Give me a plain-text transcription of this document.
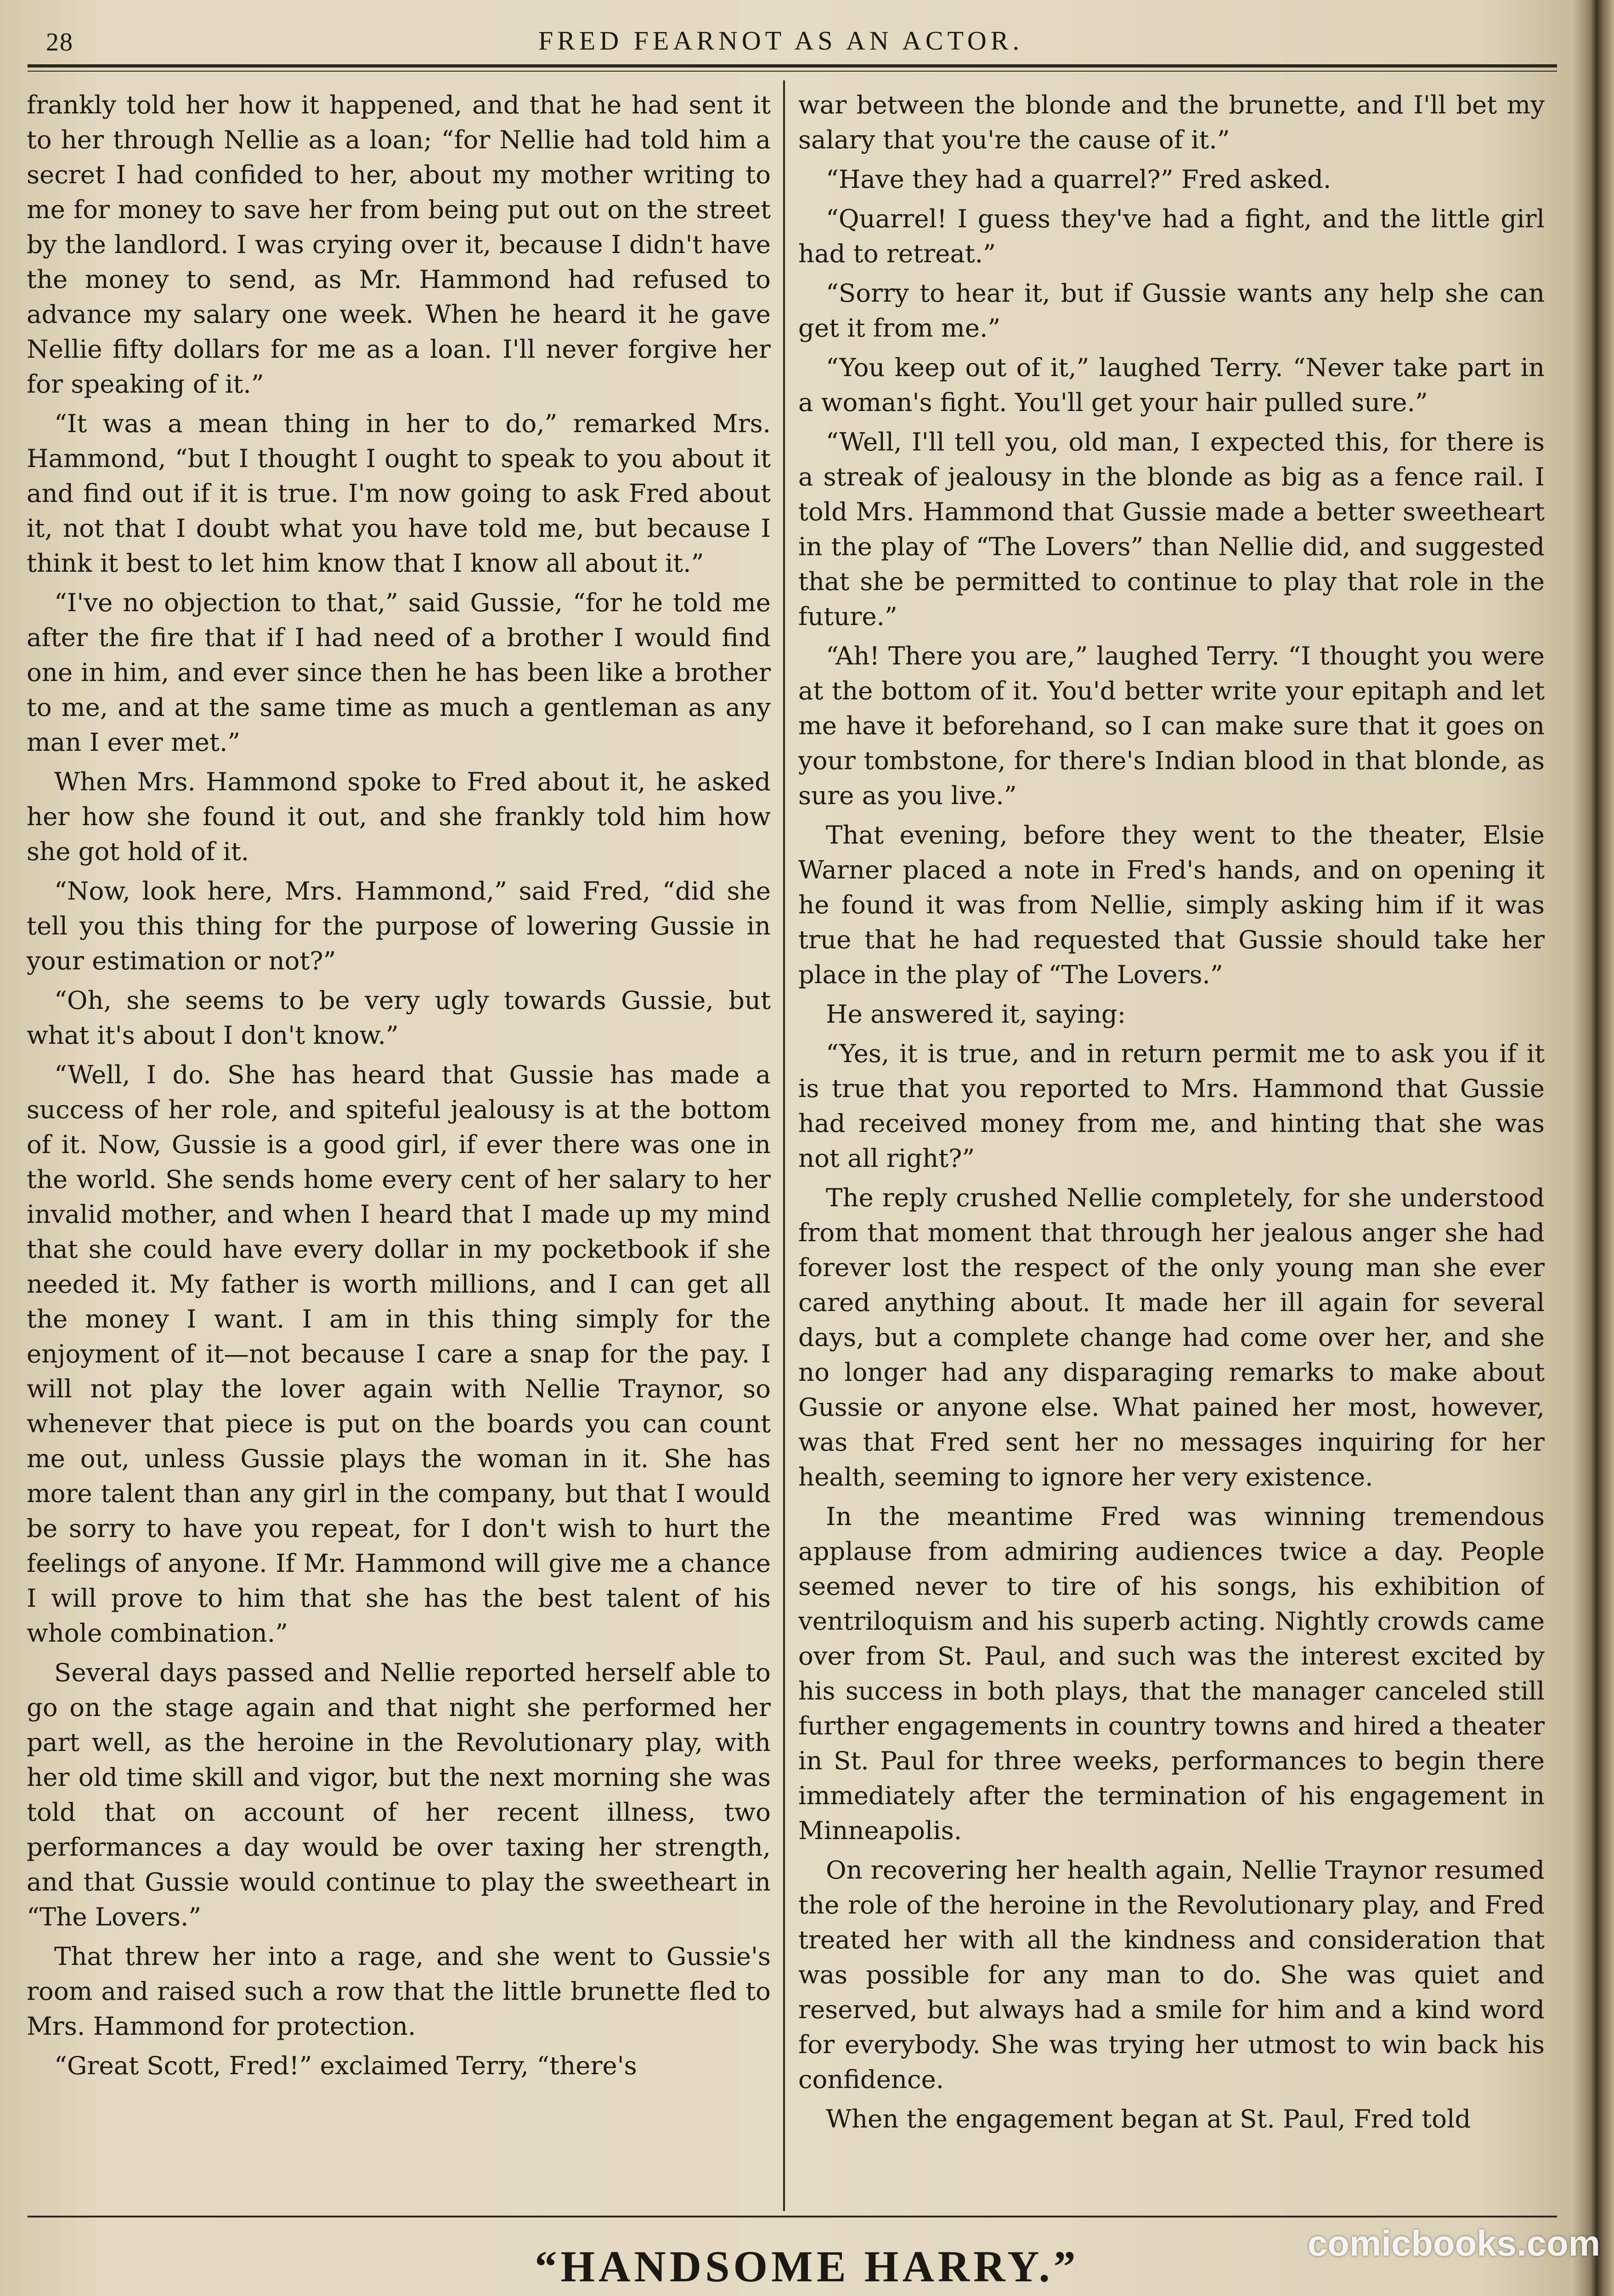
28	FRED FEARNOT AS AN ACTOR.

frankly told her how it happened, and that he had sent it to her through Nellie as a loan; “for Nellie had told him a secret I had confided to her, about my mother writing to me for money to save her from being put out on the street by the landlord. I was crying over it, because I didn't have the money to send, as Mr. Hammond had refused to advance my salary one week. When he heard it he gave Nellie fifty dollars for me as a loan. I'll never forgive her for speaking of it.”

“It was a mean thing in her to do,” remarked Mrs. Hammond, “but I thought I ought to speak to you about it and find out if it is true. I'm now going to ask Fred about it, not that I doubt what you have told me, but because I think it best to let him know that I know all about it.”

“I've no objection to that,” said Gussie, “for he told me after the fire that if I had need of a brother I would find one in him, and ever since then he has been like a brother to me, and at the same time as much a gentleman as any man I ever met.”

When Mrs. Hammond spoke to Fred about it, he asked her how she found it out, and she frankly told him how she got hold of it.

“Now, look here, Mrs. Hammond,” said Fred, “did she tell you this thing for the purpose of lowering Gussie in your estimation or not?”

“Oh, she seems to be very ugly towards Gussie, but what it's about I don't know.”

“Well, I do. She has heard that Gussie has made a success of her role, and spiteful jealousy is at the bottom of it. Now, Gussie is a good girl, if ever there was one in the world. She sends home every cent of her salary to her invalid mother, and when I heard that I made up my mind that she could have every dollar in my pocketbook if she needed it. My father is worth millions, and I can get all the money I want. I am in this thing simply for the enjoyment of it—not because I care a snap for the pay. I will not play the lover again with Nellie Traynor, so whenever that piece is put on the boards you can count me out, unless Gussie plays the woman in it. She has more talent than any girl in the company, but that I would be sorry to have you repeat, for I don't wish to hurt the feelings of anyone. If Mr. Hammond will give me a chance I will prove to him that she has the best talent of his whole combination.”

Several days passed and Nellie reported herself able to go on the stage again and that night she performed her part well, as the heroine in the Revolutionary play, with her old time skill and vigor, but the next morning she was told that on account of her recent illness, two performances a day would be over taxing her strength, and that Gussie would continue to play the sweetheart in “The Lovers.”

That threw her into a rage, and she went to Gussie's room and raised such a row that the little brunette fled to Mrs. Hammond for protection.

“Great Scott, Fred!” exclaimed Terry, “there's

war between the blonde and the brunette, and I'll bet my salary that you're the cause of it.”

“Have they had a quarrel?” Fred asked.

“Quarrel! I guess they've had a fight, and the little girl had to retreat.”

“Sorry to hear it, but if Gussie wants any help she can get it from me.”

“You keep out of it,” laughed Terry. “Never take part in a woman's fight. You'll get your hair pulled sure.”

“Well, I'll tell you, old man, I expected this, for there is a streak of jealousy in the blonde as big as a fence rail. I told Mrs. Hammond that Gussie made a better sweetheart in the play of “The Lovers” than Nellie did, and suggested that she be permitted to continue to play that role in the future.”

“Ah! There you are,” laughed Terry. “I thought you were at the bottom of it. You'd better write your epitaph and let me have it beforehand, so I can make sure that it goes on your tombstone, for there's Indian blood in that blonde, as sure as you live.”

That evening, before they went to the theater, Elsie Warner placed a note in Fred's hands, and on opening it he found it was from Nellie, simply asking him if it was true that he had requested that Gussie should take her place in the play of “The Lovers.”

He answered it, saying:

“Yes, it is true, and in return permit me to ask you if it is true that you reported to Mrs. Hammond that Gussie had received money from me, and hinting that she was not all right?”

The reply crushed Nellie completely, for she understood from that moment that through her jealous anger she had forever lost the respect of the only young man she ever cared anything about. It made her ill again for several days, but a complete change had come over her, and she no longer had any disparaging remarks to make about Gussie or anyone else. What pained her most, however, was that Fred sent her no messages inquiring for her health, seeming to ignore her very existence.

In the meantime Fred was winning tremendous applause from admiring audiences twice a day. People seemed never to tire of his songs, his exhibition of ventriloquism and his superb acting. Nightly crowds came over from St. Paul, and such was the interest excited by his success in both plays, that the manager canceled still further engagements in country towns and hired a theater in St. Paul for three weeks, performances to begin there immediately after the termination of his engagement in Minneapolis.

On recovering her health again, Nellie Traynor resumed the role of the heroine in the Revolutionary play, and Fred treated her with all the kindness and consideration that was possible for any man to do. She was quiet and reserved, but always had a smile for him and a kind word for everybody. She was trying her utmost to win back his confidence.

When the engagement began at St. Paul, Fred told

“HANDSOME HARRY.”	comicbooks.com
